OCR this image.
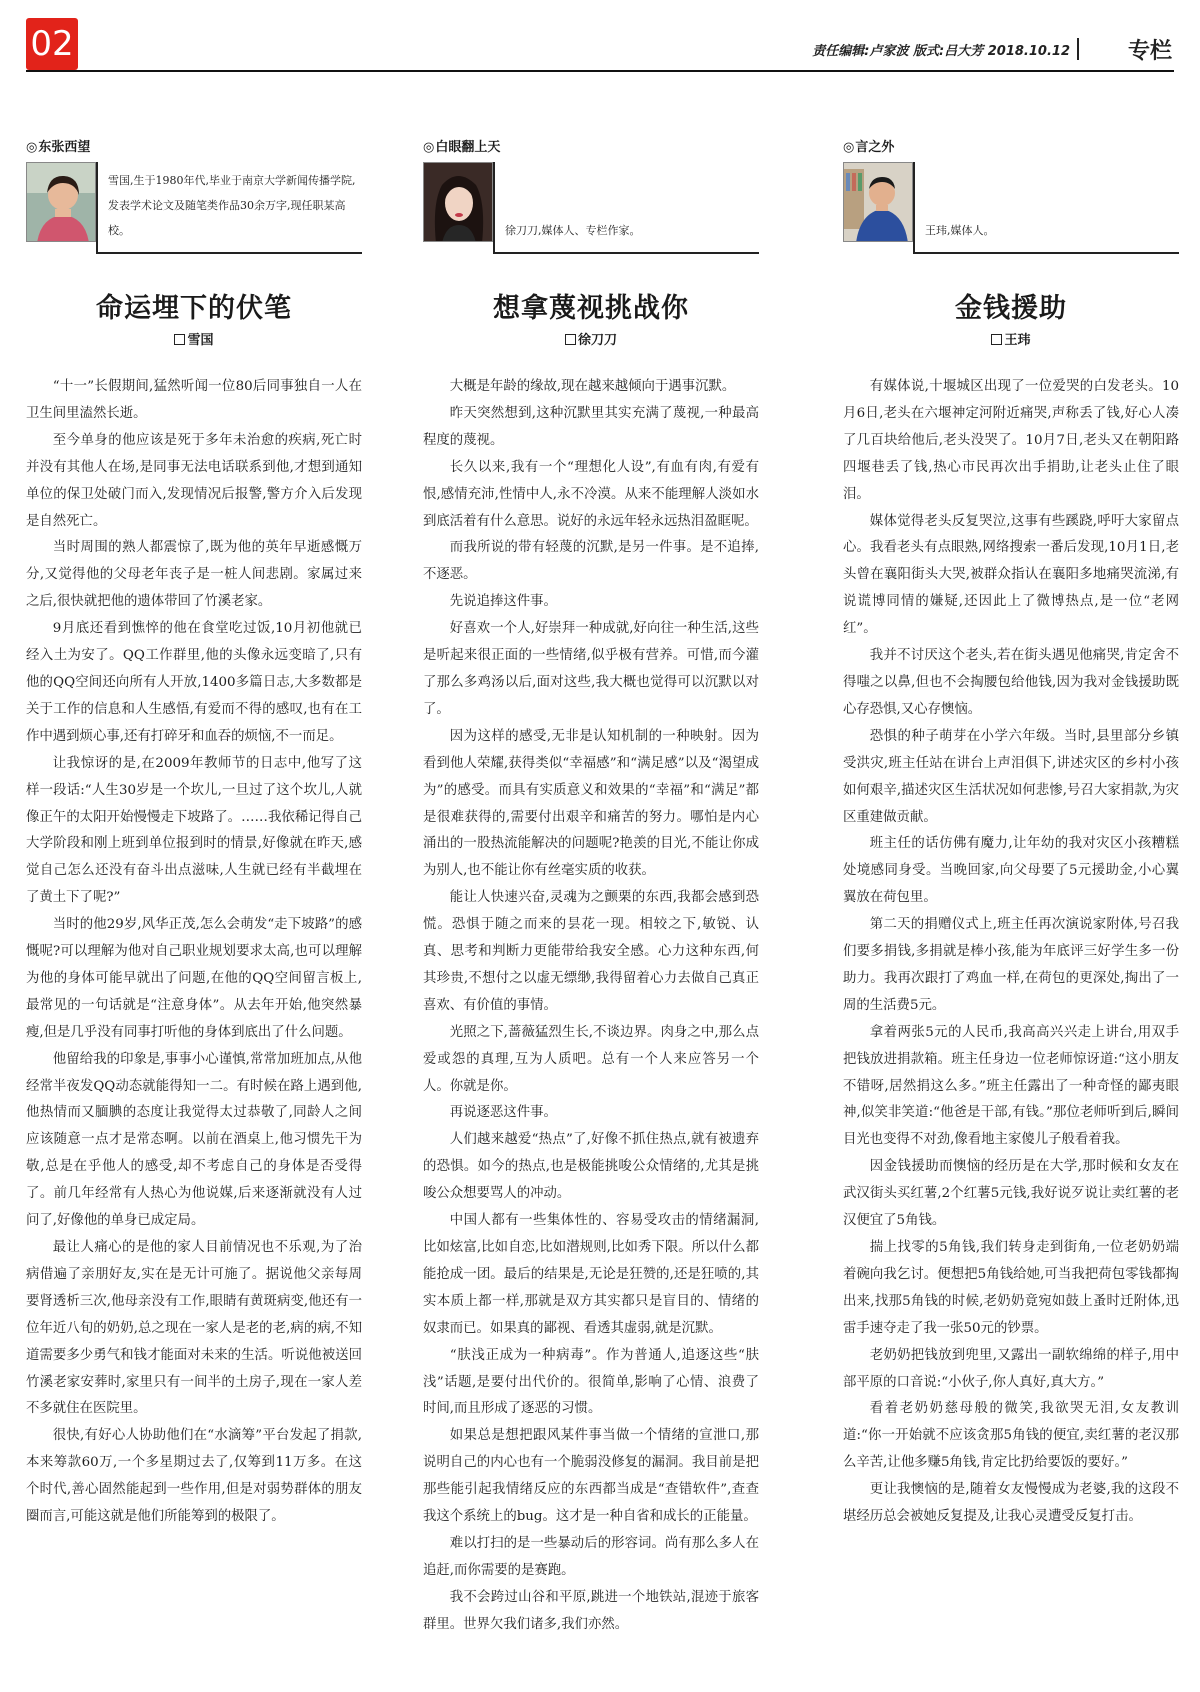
02	责任编辑:卢家波 版式:吕大芳 2018.10.12	专栏
◎东张西望
雪国,生于1980年代,毕业于南京大学新闻传播学院,发表学术论文及随笔类作品30余万字,现任职某高校。
命运埋下的伏笔
雪国

“十一”长假期间,猛然听闻一位80后同事独自一人在卫生间里溘然长逝。

至今单身的他应该是死于多年未治愈的疾病,死亡时并没有其他人在场,是同事无法电话联系到他,才想到通知单位的保卫处破门而入,发现情况后报警,警方介入后发现是自然死亡。

当时周围的熟人都震惊了,既为他的英年早逝感慨万分,又觉得他的父母老年丧子是一桩人间悲剧。家属过来之后,很快就把他的遗体带回了竹溪老家。

9月底还看到憔悴的他在食堂吃过饭,10月初他就已经入土为安了。QQ工作群里,他的头像永远变暗了,只有他的QQ空间还向所有人开放,1400多篇日志,大多数都是关于工作的信息和人生感悟,有爱而不得的感叹,也有在工作中遇到烦心事,还有打碎牙和血吞的烦恼,不一而足。

让我惊讶的是,在2009年教师节的日志中,他写了这样一段话:“人生30岁是一个坎儿,一旦过了这个坎儿,人就像正午的太阳开始慢慢走下坡路了。……我依稀记得自己大学阶段和刚上班到单位报到时的情景,好像就在昨天,感觉自己怎么还没有奋斗出点滋味,人生就已经有半截埋在了黄土下了呢?”

当时的他29岁,风华正茂,怎么会萌发“走下坡路”的感慨呢?可以理解为他对自己职业规划要求太高,也可以理解为他的身体可能早就出了问题,在他的QQ空间留言板上,最常见的一句话就是“注意身体”。从去年开始,他突然暴瘦,但是几乎没有同事打听他的身体到底出了什么问题。

他留给我的印象是,事事小心谨慎,常常加班加点,从他经常半夜发QQ动态就能得知一二。有时候在路上遇到他,他热情而又腼腆的态度让我觉得太过恭敬了,同龄人之间应该随意一点才是常态啊。以前在酒桌上,他习惯先干为敬,总是在乎他人的感受,却不考虑自己的身体是否受得了。前几年经常有人热心为他说媒,后来逐渐就没有人过问了,好像他的单身已成定局。

最让人痛心的是他的家人目前情况也不乐观,为了治病借遍了亲朋好友,实在是无计可施了。据说他父亲每周要肾透析三次,他母亲没有工作,眼睛有黄斑病变,他还有一位年近八旬的奶奶,总之现在一家人是老的老,病的病,不知道需要多少勇气和钱才能面对未来的生活。听说他被送回竹溪老家安葬时,家里只有一间半的土房子,现在一家人差不多就住在医院里。

很快,有好心人协助他们在“水滴筹”平台发起了捐款,本来筹款60万,一个多星期过去了,仅筹到11万多。在这个时代,善心固然能起到一些作用,但是对弱势群体的朋友圈而言,可能这就是他们所能筹到的极限了。

◎白眼翻上天
徐刀刀,媒体人、专栏作家。
想拿蔑视挑战你
徐刀刀

大概是年龄的缘故,现在越来越倾向于遇事沉默。

昨天突然想到,这种沉默里其实充满了蔑视,一种最高程度的蔑视。

长久以来,我有一个“理想化人设”,有血有肉,有爱有恨,感情充沛,性情中人,永不冷漠。从来不能理解人淡如水到底活着有什么意思。说好的永远年轻永远热泪盈眶呢。

而我所说的带有轻蔑的沉默,是另一件事。是不追捧,不逐恶。

先说追捧这件事。

好喜欢一个人,好崇拜一种成就,好向往一种生活,这些是听起来很正面的一些情绪,似乎极有营养。可惜,而今灌了那么多鸡汤以后,面对这些,我大概也觉得可以沉默以对了。

因为这样的感受,无非是认知机制的一种映射。因为看到他人荣耀,获得类似“幸福感”和“满足感”以及“渴望成为”的感受。而具有实质意义和效果的“幸福”和“满足”都是很难获得的,需要付出艰辛和痛苦的努力。哪怕是内心涌出的一股热流能解决的问题呢?艳羡的目光,不能让你成为别人,也不能让你有丝毫实质的收获。

能让人快速兴奋,灵魂为之颤栗的东西,我都会感到恐慌。恐惧于随之而来的昙花一现。相较之下,敏锐、认真、思考和判断力更能带给我安全感。心力这种东西,何其珍贵,不想付之以虚无缥缈,我得留着心力去做自己真正喜欢、有价值的事情。

光照之下,蔷薇猛烈生长,不谈边界。肉身之中,那么点爱或怨的真理,互为人质吧。总有一个人来应答另一个人。你就是你。

再说逐恶这件事。

人们越来越爱“热点”了,好像不抓住热点,就有被遗弃的恐惧。如今的热点,也是极能挑唆公众情绪的,尤其是挑唆公众想要骂人的冲动。

中国人都有一些集体性的、容易受攻击的情绪漏洞,比如炫富,比如自恋,比如潜规则,比如秀下限。所以什么都能抢成一团。最后的结果是,无论是狂赞的,还是狂喷的,其实本质上都一样,那就是双方其实都只是盲目的、情绪的奴隶而已。如果真的鄙视、看透其虚弱,就是沉默。

“肤浅正成为一种病毒”。作为普通人,追逐这些“肤浅”话题,是要付出代价的。很简单,影响了心情、浪费了时间,而且形成了逐恶的习惯。

如果总是想把跟风某件事当做一个情绪的宣泄口,那说明自己的内心也有一个脆弱没修复的漏洞。我目前是把那些能引起我情绪反应的东西都当成是“查错软件”,查查我这个系统上的bug。这才是一种自省和成长的正能量。

难以打扫的是一些暴动后的形容词。尚有那么多人在追赶,而你需要的是赛跑。

我不会跨过山谷和平原,跳进一个地铁站,混迹于旅客群里。世界欠我们诸多,我们亦然。

◎言之外
王玮,媒体人。
金钱援助
王玮

有媒体说,十堰城区出现了一位爱哭的白发老头。10月6日,老头在六堰神定河附近痛哭,声称丢了钱,好心人凑了几百块给他后,老头没哭了。10月7日,老头又在朝阳路四堰巷丢了钱,热心市民再次出手捐助,让老头止住了眼泪。

媒体觉得老头反复哭泣,这事有些蹊跷,呼吁大家留点心。我看老头有点眼熟,网络搜索一番后发现,10月1日,老头曾在襄阳街头大哭,被群众指认在襄阳多地痛哭流涕,有说谎博同情的嫌疑,还因此上了微博热点,是一位“老网红”。

我并不讨厌这个老头,若在街头遇见他痛哭,肯定舍不得嗤之以鼻,但也不会掏腰包给他钱,因为我对金钱援助既心存恐惧,又心存懊恼。

恐惧的种子萌芽在小学六年级。当时,县里部分乡镇受洪灾,班主任站在讲台上声泪俱下,讲述灾区的乡村小孩如何艰辛,描述灾区生活状况如何悲惨,号召大家捐款,为灾区重建做贡献。

班主任的话仿佛有魔力,让年幼的我对灾区小孩糟糕处境感同身受。当晚回家,向父母要了5元援助金,小心翼翼放在荷包里。

第二天的捐赠仪式上,班主任再次演说家附体,号召我们要多捐钱,多捐就是棒小孩,能为年底评三好学生多一份助力。我再次跟打了鸡血一样,在荷包的更深处,掏出了一周的生活费5元。

拿着两张5元的人民币,我高高兴兴走上讲台,用双手把钱放进捐款箱。班主任身边一位老师惊讶道:“这小朋友不错呀,居然捐这么多。”班主任露出了一种奇怪的鄙夷眼神,似笑非笑道:“他爸是干部,有钱。”那位老师听到后,瞬间目光也变得不对劲,像看地主家傻儿子般看着我。

因金钱援助而懊恼的经历是在大学,那时候和女友在武汉街头买红薯,2个红薯5元钱,我好说歹说让卖红薯的老汉便宜了5角钱。

揣上找零的5角钱,我们转身走到街角,一位老奶奶端着碗向我乞讨。便想把5角钱给她,可当我把荷包零钱都掏出来,找那5角钱的时候,老奶奶竟宛如鼓上蚤时迁附体,迅雷手速夺走了我一张50元的钞票。

老奶奶把钱放到兜里,又露出一副软绵绵的样子,用中部平原的口音说:“小伙子,你人真好,真大方。”

看着老奶奶慈母般的微笑,我欲哭无泪,女友教训道:“你一开始就不应该贪那5角钱的便宜,卖红薯的老汉那么辛苦,让他多赚5角钱,肯定比扔给要饭的要好。”

更让我懊恼的是,随着女友慢慢成为老婆,我的这段不堪经历总会被她反复提及,让我心灵遭受反复打击。
